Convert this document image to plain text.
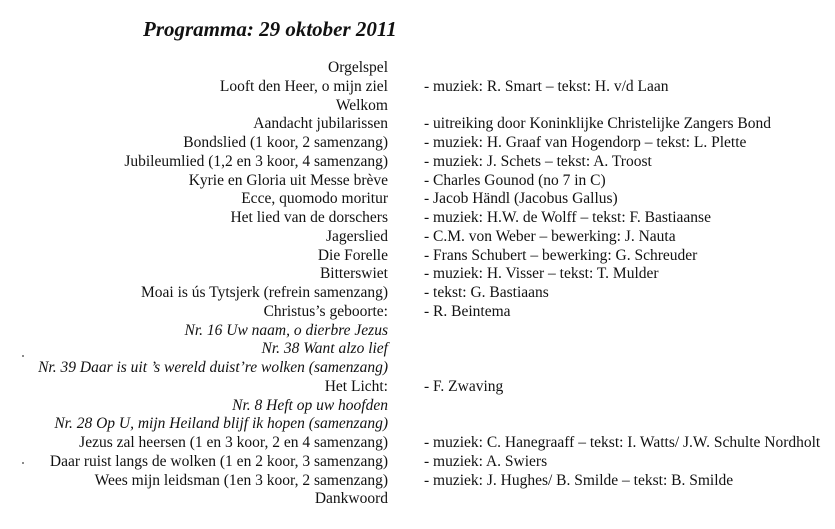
Programma: 29 oktober 2011
Orgelspel
Looft den Heer, o mijn ziel - muziek: R. Smart – tekst: H. v/d Laan
Welkom
Aandacht jubilarissen - uitreiking door Koninklijke Christelijke Zangers Bond
Bondslied (1 koor, 2 samenzang) - muziek: H. Graaf van Hogendorp – tekst: L. Plette
Jubileumlied (1,2 en 3 koor, 4 samenzang) - muziek: J. Schets – tekst: A. Troost
Kyrie en Gloria uit Messe brève - Charles Gounod (no 7 in C)
Ecce, quomodo moritur - Jacob Händl (Jacobus Gallus)
Het lied van de dorschers - muziek: H.W. de Wolff – tekst: F. Bastiaanse
Jagerslied - C.M. von Weber – bewerking: J. Nauta
Die Forelle - Frans Schubert – bewerking: G. Schreuder
Bitterswiet - muziek: H. Visser – tekst: T. Mulder
Moai is ús Tytsjerk (refrein samenzang) - tekst: G. Bastiaans
Christus’s geboorte: - R. Beintema
Nr. 16 Uw naam, o dierbre Jezus
Nr. 38 Want alzo lief
Nr. 39 Daar is uit ’s wereld duist’re wolken (samenzang)
Het Licht: - F. Zwaving
Nr. 8 Heft op uw hoofden
Nr. 28 Op U, mijn Heiland blijf ik hopen (samenzang)
Jezus zal heersen (1 en 3 koor, 2 en 4 samenzang) - muziek: C. Hanegraaff – tekst: I. Watts/ J.W. Schulte Nordholt
Daar ruist langs de wolken (1 en 2 koor, 3 samenzang) - muziek: A. Swiers
Wees mijn leidsman (1en 3 koor, 2 samenzang) - muziek: J. Hughes/ B. Smilde – tekst: B. Smilde
Dankwoord
